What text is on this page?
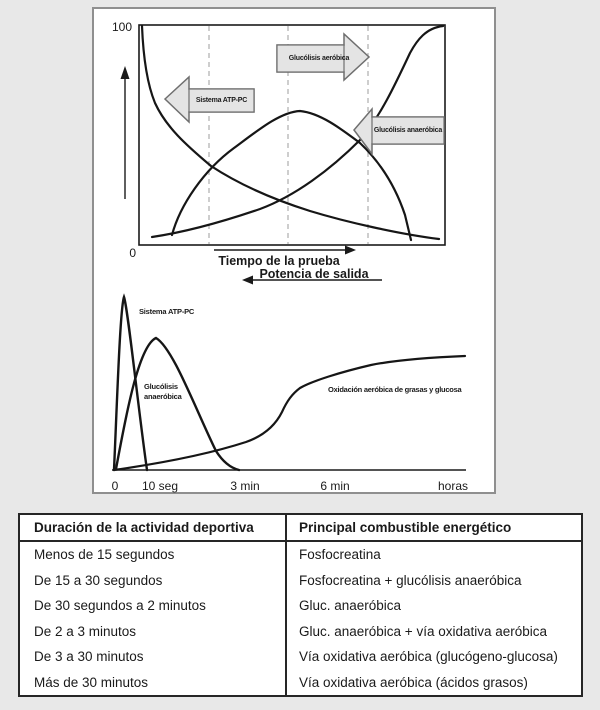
100
0
Sistema ATP-PC
Glucólisis aeróbica
Glucólisis anaeróbica
Tiempo de la prueba
Potencia de salida
Sistema ATP-PC
Glucólisis anaeróbica
Oxidación aeróbica de grasas y glucosa
0	10 seg	3 min	6 min	horas
Duración de la actividad deportiva	Principal combustible energético
Menos de 15 segundos	Fosfocreatina
De 15 a 30 segundos	Fosfocreatina + glucólisis anaeróbica
De 30 segundos a 2 minutos	Gluc. anaeróbica
De 2 a 3 minutos	Gluc. anaeróbica + vía oxidativa aeróbica
De 3 a 30 minutos	Vía oxidativa aeróbica (glucógeno-glucosa)
Más de 30 minutos	Vía oxidativa aeróbica (ácidos grasos)
